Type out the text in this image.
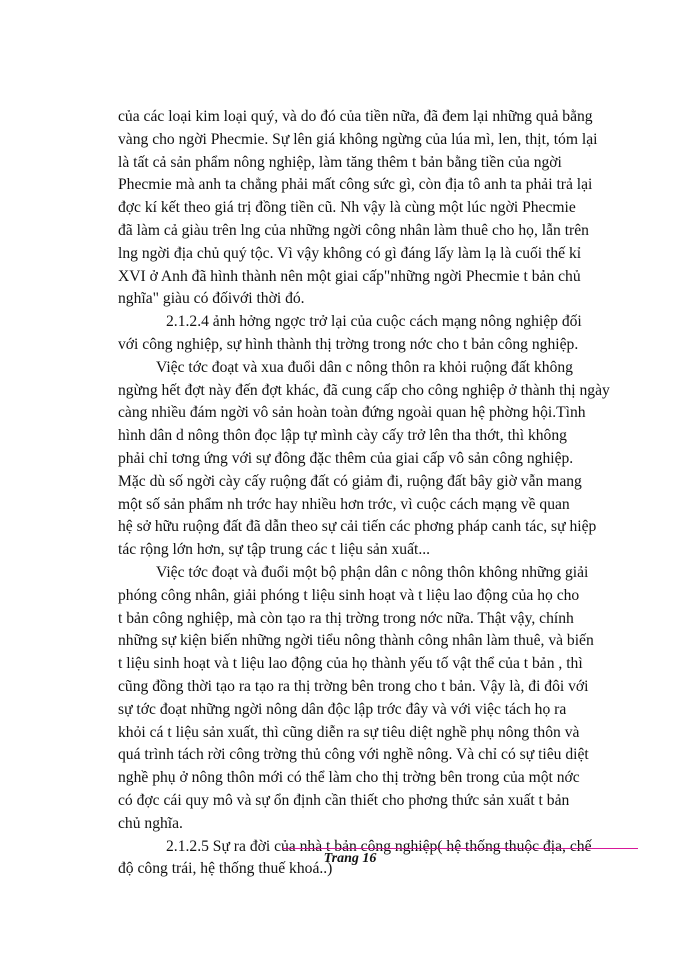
của các loại kim loại quý, và do đó của tiền nữa, đã đem lại những quả bằng
vàng cho ngời Phecmie. Sự lên giá không ngừng của lúa mì, len, thịt, tóm lại
là tất cả sản phẩm nông nghiệp, làm tăng thêm t bản bằng tiền của ngời
Phecmie mà anh ta chẳng phải mất công sức gì, còn địa tô anh ta phải trả lại
đợc kí kết theo giá trị đồng tiền cũ. Nh vậy là cùng một lúc ngời Phecmie
đã làm cả giàu trên lng của những ngời công nhân làm thuê cho họ, lẫn trên
lng ngời địa chủ quý tộc. Vì vậy không có gì đáng lấy làm lạ là cuối thế kỉ
XVI ở Anh đã hình thành nên một giai cấp"những ngời Phecmie t bản chủ
nghĩa" giàu có đốivới thời đó.

2.1.2.4 ảnh hởng ngợc trở lại của cuộc cách mạng nông nghiệp đối
với công nghiệp, sự hình thành thị trờng trong nớc cho t bản công nghiệp.

Việc tớc đoạt và xua đuổi dân c nông thôn ra khỏi ruộng đất không
ngừng hết đợt này đến đợt khác, đã cung cấp cho công nghiệp ở thành thị ngày
càng nhiều đám ngời vô sản hoàn toàn đứng ngoài quan hệ phờng hội.Tình
hình dân d nông thôn đọc lập tự mình cày cấy trở lên tha thớt, thì không
phải chỉ tơng ứng với sự đông đặc thêm của giai cấp vô sản công nghiệp.
Mặc dù số ngời cày cấy ruộng đất có giảm đi, ruộng đất bây giờ vẫn mang
một số sản phẩm nh trớc hay nhiều hơn trớc, vì cuộc cách mạng về quan
hệ sở hữu ruộng đất đã dẫn theo sự cải tiến các phơng pháp canh tác, sự hiệp
tác rộng lớn hơn, sự tập trung các t liệu sản xuất...

Việc tớc đoạt và đuổi một bộ phận dân c nông thôn không những giải
phóng công nhân, giải phóng t liệu sinh hoạt và t liệu lao động của họ cho
t bản công nghiệp, mà còn tạo ra thị trờng trong nớc nữa. Thật vậy, chính
những sự kiện biến những ngời tiểu nông thành công nhân làm thuê, và biến
t liệu sinh hoạt và t liệu lao động của họ thành yếu tố vật thể của t bản , thì
cũng đồng thời tạo ra tạo ra thị trờng bên trong cho t bản. Vậy là, đi đôi với
sự tớc đoạt những ngời nông dân độc lập trớc đây và với việc tách họ ra
khỏi cá t liệu sản xuất, thì cũng diễn ra sự tiêu diệt nghề phụ nông thôn và
quá trình tách rời công trờng thủ công với nghề nông. Và chỉ có sự tiêu diệt
nghề phụ ở nông thôn mới có thể làm cho thị trờng bên trong của một nớc
có đợc cái quy mô và sự ổn định cần thiết cho phơng thức sản xuất t bản
chủ nghĩa.

2.1.2.5 Sự ra đời của nhà t bản công nghiệp( hệ thống thuộc địa, chế
độ công trái, hệ thống thuế khoá..)

Trang 16
